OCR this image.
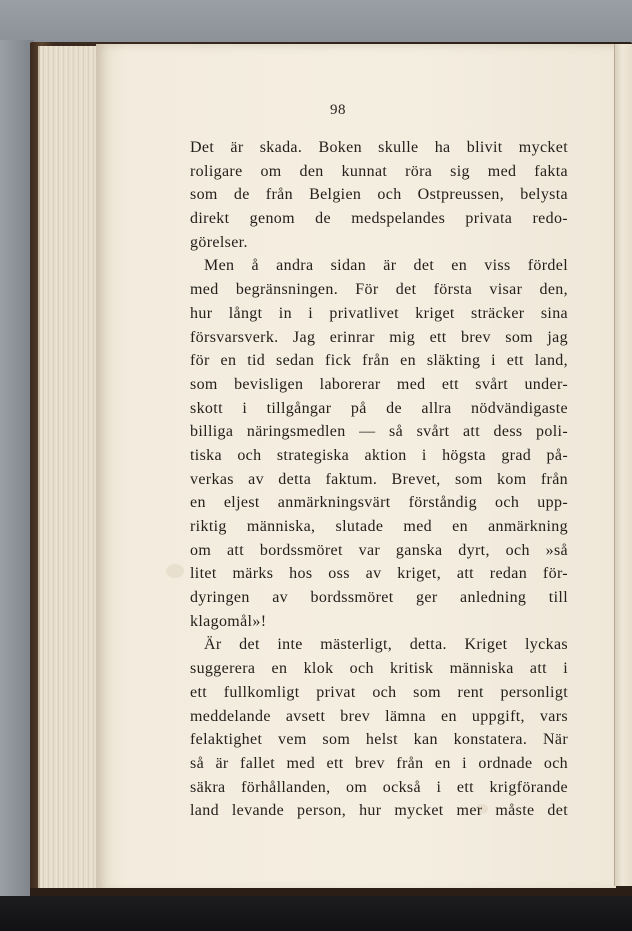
98
Det är skada. Boken skulle ha blivit mycket
roligare om den kunnat röra sig med fakta
som de från Belgien och Ostpreussen, belysta
direkt genom de medspelandes privata redo-
görelser.
Men å andra sidan är det en viss fördel
med begränsningen. För det första visar den,
hur långt in i privatlivet kriget sträcker sina
försvarsverk. Jag erinrar mig ett brev som jag
för en tid sedan fick från en släkting i ett land,
som bevisligen laborerar med ett svårt under-
skott i tillgångar på de allra nödvändigaste
billiga näringsmedlen — så svårt att dess poli-
tiska och strategiska aktion i högsta grad på-
verkas av detta faktum. Brevet, som kom från
en eljest anmärkningsvärt förståndig och upp-
riktig människa, slutade med en anmärkning
om att bordssmöret var ganska dyrt, och »så
litet märks hos oss av kriget, att redan för-
dyringen av bordssmöret ger anledning till
klagomål»!
Är det inte mästerligt, detta. Kriget lyckas
suggerera en klok och kritisk människa att i
ett fullkomligt privat och som rent personligt
meddelande avsett brev lämna en uppgift, vars
felaktighet vem som helst kan konstatera. När
så är fallet med ett brev från en i ordnade och
säkra förhållanden, om också i ett krigförande
land levande person, hur mycket mer måste det
